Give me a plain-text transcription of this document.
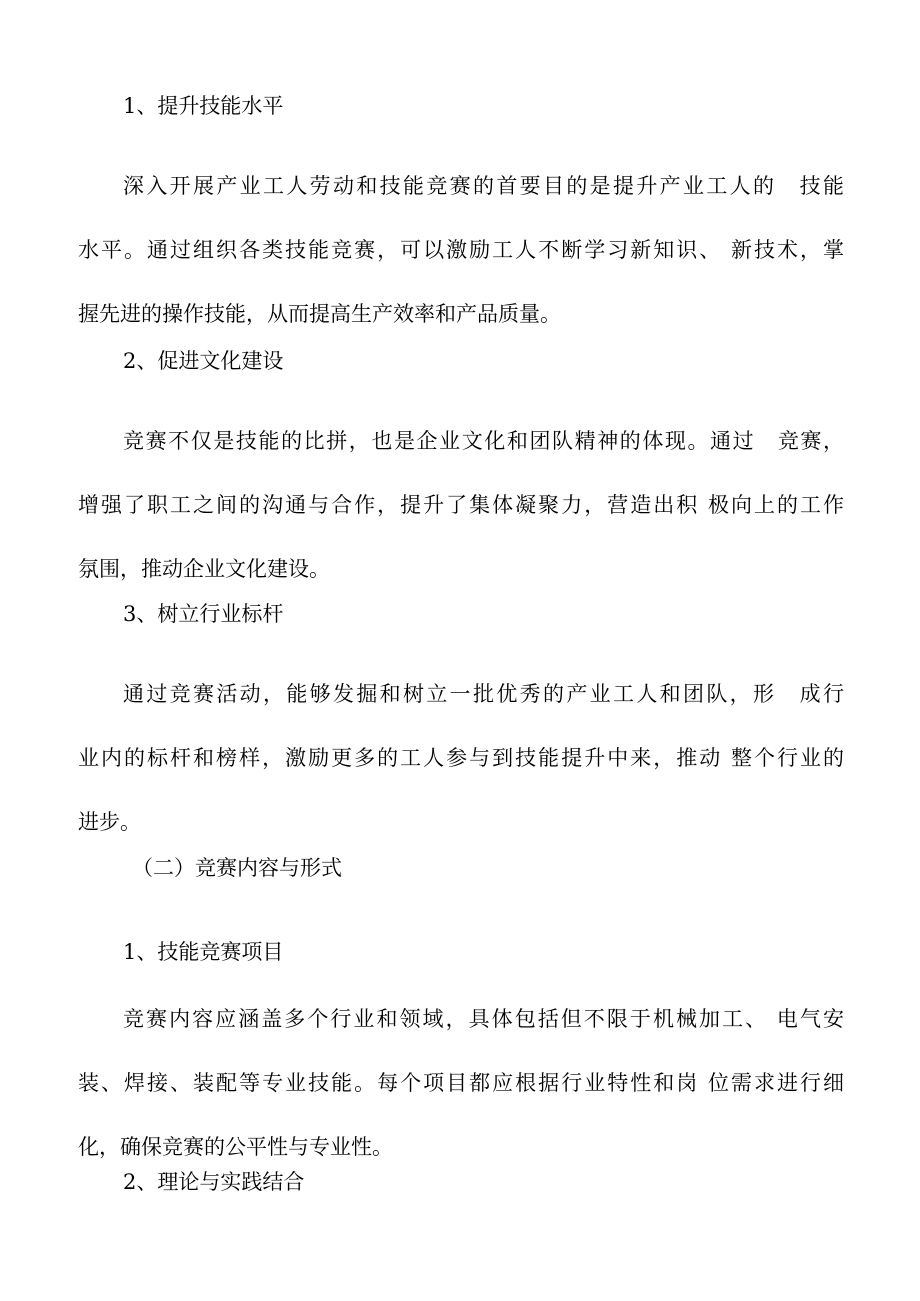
1、提升技能水平
深入开展产业工人劳动和技能竞赛的首要目的是提升产业工人的　技能
水平。通过组织各类技能竞赛，可以激励工人不断学习新知识、 新技术，掌
握先进的操作技能，从而提高生产效率和产品质量。
2、促进文化建设
竞赛不仅是技能的比拼，也是企业文化和团队精神的体现。通过　竞赛，
增强了职工之间的沟通与合作，提升了集体凝聚力，营造出积 极向上的工作
氛围，推动企业文化建设。
3、树立行业标杆
通过竞赛活动，能够发掘和树立一批优秀的产业工人和团队，形　成行
业内的标杆和榜样，激励更多的工人参与到技能提升中来，推动 整个行业的
进步。
（二）竞赛内容与形式
1、技能竞赛项目
竞赛内容应涵盖多个行业和领域，具体包括但不限于机械加工、 电气安
装、焊接、装配等专业技能。每个项目都应根据行业特性和岗 位需求进行细
化，确保竞赛的公平性与专业性。
2、理论与实践结合
